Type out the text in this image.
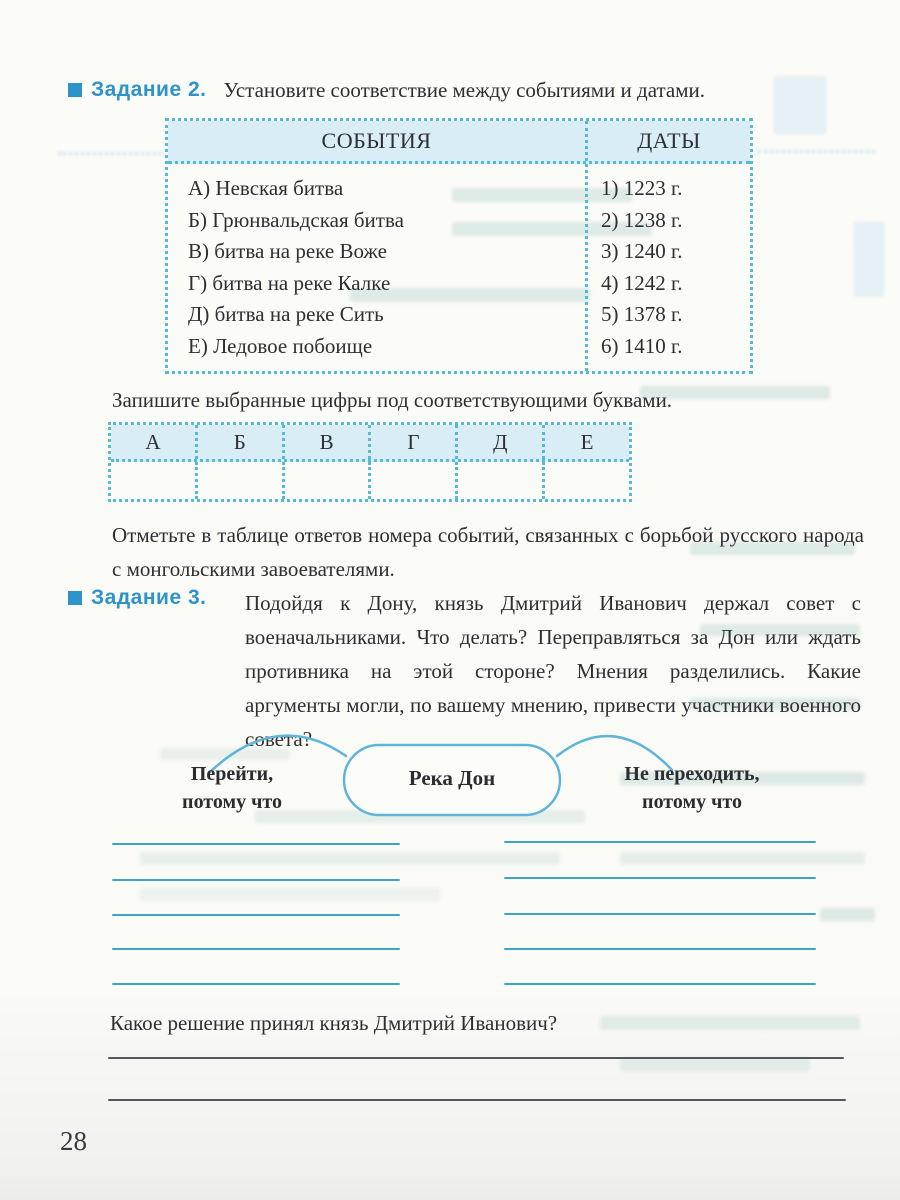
Задание 2. Установите соответствие между событиями и датами.
СОБЫТИЯ	ДАТЫ
А) Невская битва
Б) Грюнвальдская битва
В) битва на реке Воже
Г) битва на реке Калке
Д) битва на реке Сить
Е) Ледовое побоище
1) 1223 г.
2) 1238 г.
3) 1240 г.
4) 1242 г.
5) 1378 г.
6) 1410 г.
Запишите выбранные цифры под соответствующими буквами.
А	Б	В	Г	Д	Е
Отметьте в таблице ответов номера событий, связанных с борьбой русского народа с монгольскими завоевателями.
Задание 3. Подойдя к Дону, князь Дмитрий Иванович держал совет с военачальниками. Что делать? Переправляться за Дон или ждать противника на этой стороне? Мнения разделились. Какие аргументы могли, по вашему мнению, привести участники военного совета?
Перейти,
потому что
Река Дон	Не переходить,
потому что
Какое решение принял князь Дмитрий Иванович?
28
